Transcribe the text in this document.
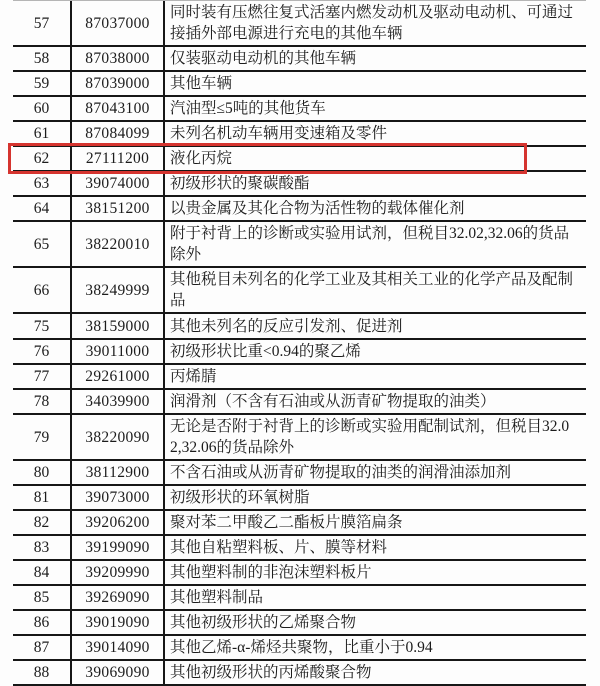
57	87037000
同时装有压燃往复式活塞内燃发动机及驱动电动机、可通过接插外部电源进行充电的其他车辆
58	87038000	仅装驱动电动机的其他车辆
59	87039000	其他车辆
60	87043100	汽油型≤5吨的其他货车
61	87084099	未列名机动车辆用变速箱及零件
62	27111200	液化丙烷
63	39074000	初级形状的聚碳酸酯
64	38151200	以贵金属及其化合物为活性物的载体催化剂
65	38220010
附于衬背上的诊断或实验用试剂，但税目32.02,32.06的货品除外
66	38249999
其他税目未列名的化学工业及其相关工业的化学产品及配制品
75	38159000	其他未列名的反应引发剂、促进剂
76	39011000	初级形状比重<0.94的聚乙烯
77	29261000	丙烯腈
78	34039900	润滑剂（不含有石油或从沥青矿物提取的油类）
79	38220090
无论是否附于衬背上的诊断或实验用配制试剂，但税目32.02,32.06的货品除外
80	38112900	不含石油或从沥青矿物提取的油类的润滑油添加剂
81	39073000	初级形状的环氧树脂
82	39206200	聚对苯二甲酸乙二酯板片膜箔扁条
83	39199090	其他自粘塑料板、片、膜等材料
84	39209990	其他塑料制的非泡沫塑料板片
85	39269090	其他塑料制品
86	39019090	其他初级形状的乙烯聚合物
87	39014090	其他乙烯-α-烯烃共聚物，比重小于0.94
88	39069090	其他初级形状的丙烯酸聚合物
